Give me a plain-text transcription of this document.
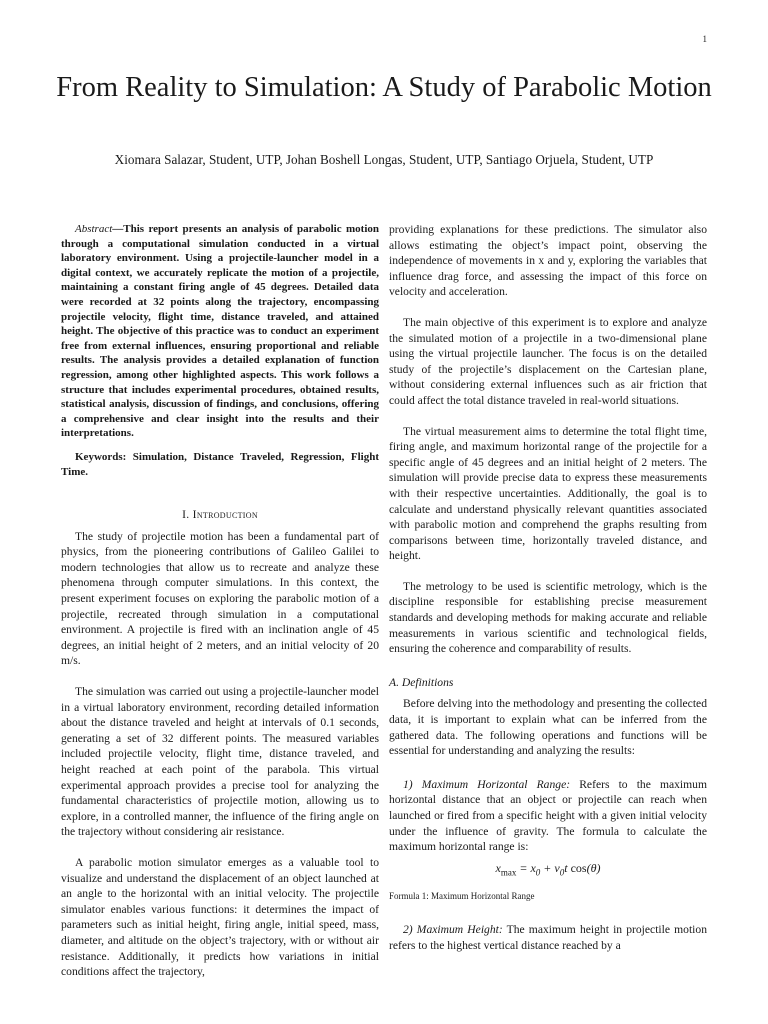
1
From Reality to Simulation: A Study of Parabolic Motion
Xiomara Salazar, Student, UTP, Johan Boshell Longas, Student, UTP, Santiago Orjuela, Student, UTP

Abstract—This report presents an analysis of parabolic motion through a computational simulation conducted in a virtual laboratory environment. Using a projectile-launcher model in a digital context, we accurately replicate the motion of a projectile, maintaining a constant firing angle of 45 degrees. Detailed data were recorded at 32 points along the trajectory, encompassing projectile velocity, flight time, distance traveled, and attained height. The objective of this practice was to conduct an experiment free from external influences, ensuring proportional and reliable results. The analysis provides a detailed explanation of function regression, among other highlighted aspects. This work follows a structure that includes experimental procedures, obtained results, statistical analysis, discussion of findings, and conclusions, offering a comprehensive and clear insight into the results and their interpretations.

Keywords: Simulation, Distance Traveled, Regression, Flight Time.

I. Introduction

The study of projectile motion has been a fundamental part of physics, from the pioneering contributions of Galileo Galilei to modern technologies that allow us to recreate and analyze these phenomena through computer simulations. In this context, the present experiment focuses on exploring the parabolic motion of a projectile, recreated through simulation in a computational environment. A projectile is fired with an inclination angle of 45 degrees, an initial height of 2 meters, and an initial velocity of 20 m/s.

The simulation was carried out using a projectile-launcher model in a virtual laboratory environment, recording detailed information about the distance traveled and height at intervals of 0.1 seconds, generating a set of 32 different points. The measured variables included projectile velocity, flight time, distance traveled, and height reached at each point of the parabola. This virtual experimental approach provides a precise tool for analyzing the fundamental characteristics of projectile motion, allowing us to explore, in a controlled manner, the influence of the firing angle on the trajectory without considering air resistance.

A parabolic motion simulator emerges as a valuable tool to visualize and understand the displacement of an object launched at an angle to the horizontal with an initial velocity. The projectile simulator enables various functions: it determines the impact of parameters such as initial height, firing angle, initial speed, mass, diameter, and altitude on the object’s trajectory, with or without air resistance. Additionally, it predicts how variations in initial conditions affect the trajectory,

providing explanations for these predictions. The simulator also allows estimating the object’s impact point, observing the independence of movements in x and y, exploring the variables that influence drag force, and assessing the impact of this force on velocity and acceleration.

The main objective of this experiment is to explore and analyze the simulated motion of a projectile in a two-dimensional plane using the virtual projectile launcher. The focus is on the detailed study of the projectile’s displacement on the Cartesian plane, without considering external influences such as air friction that could affect the total distance traveled in real-world situations.

The virtual measurement aims to determine the total flight time, firing angle, and maximum horizontal range of the projectile for a specific angle of 45 degrees and an initial height of 2 meters. The simulation will provide precise data to express these measurements with their respective uncertainties. Additionally, the goal is to calculate and understand physically relevant quantities associated with parabolic motion and comprehend the graphs resulting from comparisons between time, horizontally traveled distance, and height.

The metrology to be used is scientific metrology, which is the discipline responsible for establishing precise measurement standards and developing methods for making accurate and reliable measurements in various scientific and technological fields, ensuring the coherence and comparability of results.

A. Definitions

Before delving into the methodology and presenting the collected data, it is important to explain what can be inferred from the gathered data. The following operations and functions will be essential for understanding and analyzing the results:

1) Maximum Horizontal Range: Refers to the maximum horizontal distance that an object or projectile can reach when launched or fired from a specific height with a given initial velocity under the influence of gravity. The formula to calculate the maximum horizontal range is:

$x_{max} = x_0 + v_0t$ cos(θ)

Formula 1: Maximum Horizontal Range

2) Maximum Height: The maximum height in projectile motion refers to the highest vertical distance reached by a
